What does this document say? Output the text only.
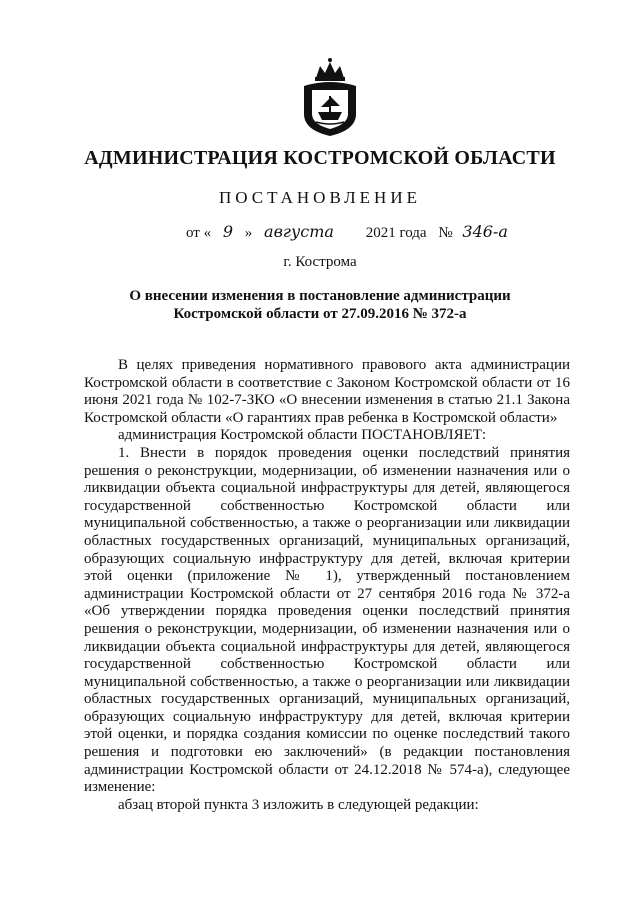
АДМИНИСТРАЦИЯ КОСТРОМСКОЙ ОБЛАСТИ
ПОСТАНОВЛЕНИЕ
от « 9 » августа 2021 года № 346-а
г. Кострома
О внесении изменения в постановление администрации
Костромской области от 27.09.2016 № 372-а

В целях приведения нормативного правового акта администрации Костромской области в соответствие с Законом Костромской области от 16 июня 2021 года № 102-7-ЗКО «О внесении изменения в статью 21.1 Закона Костромской области «О гарантиях прав ребенка в Костромской области»

администрация Костромской области ПОСТАНОВЛЯЕТ:

1. Внести в порядок проведения оценки последствий принятия решения о реконструкции, модернизации, об изменении назначения или о ликвидации объекта социальной инфраструктуры для детей, являющегося государственной собственностью Костромской области или муниципальной собственностью, а также о реорганизации или ликвидации областных государственных организаций, муниципальных организаций, образующих социальную инфраструктуру для детей, включая критерии этой оценки (приложение № 1), утвержденный постановлением администрации Костромской области от 27 сентября 2016 года № 372-а «Об утверждении порядка проведения оценки последствий принятия решения о реконструкции, модернизации, об изменении назначения или о ликвидации объекта социальной инфраструктуры для детей, являющегося государственной собственностью Костромской области или муниципальной собственностью, а также о реорганизации или ликвидации областных государственных организаций, муниципальных организаций, образующих социальную инфраструктуру для детей, включая критерии этой оценки, и порядка создания комиссии по оценке последствий такого решения и подготовки ею заключений» (в редакции постановления администрации Костромской области от 24.12.2018 № 574-а), следующее изменение:

абзац второй пункта 3 изложить в следующей редакции:
